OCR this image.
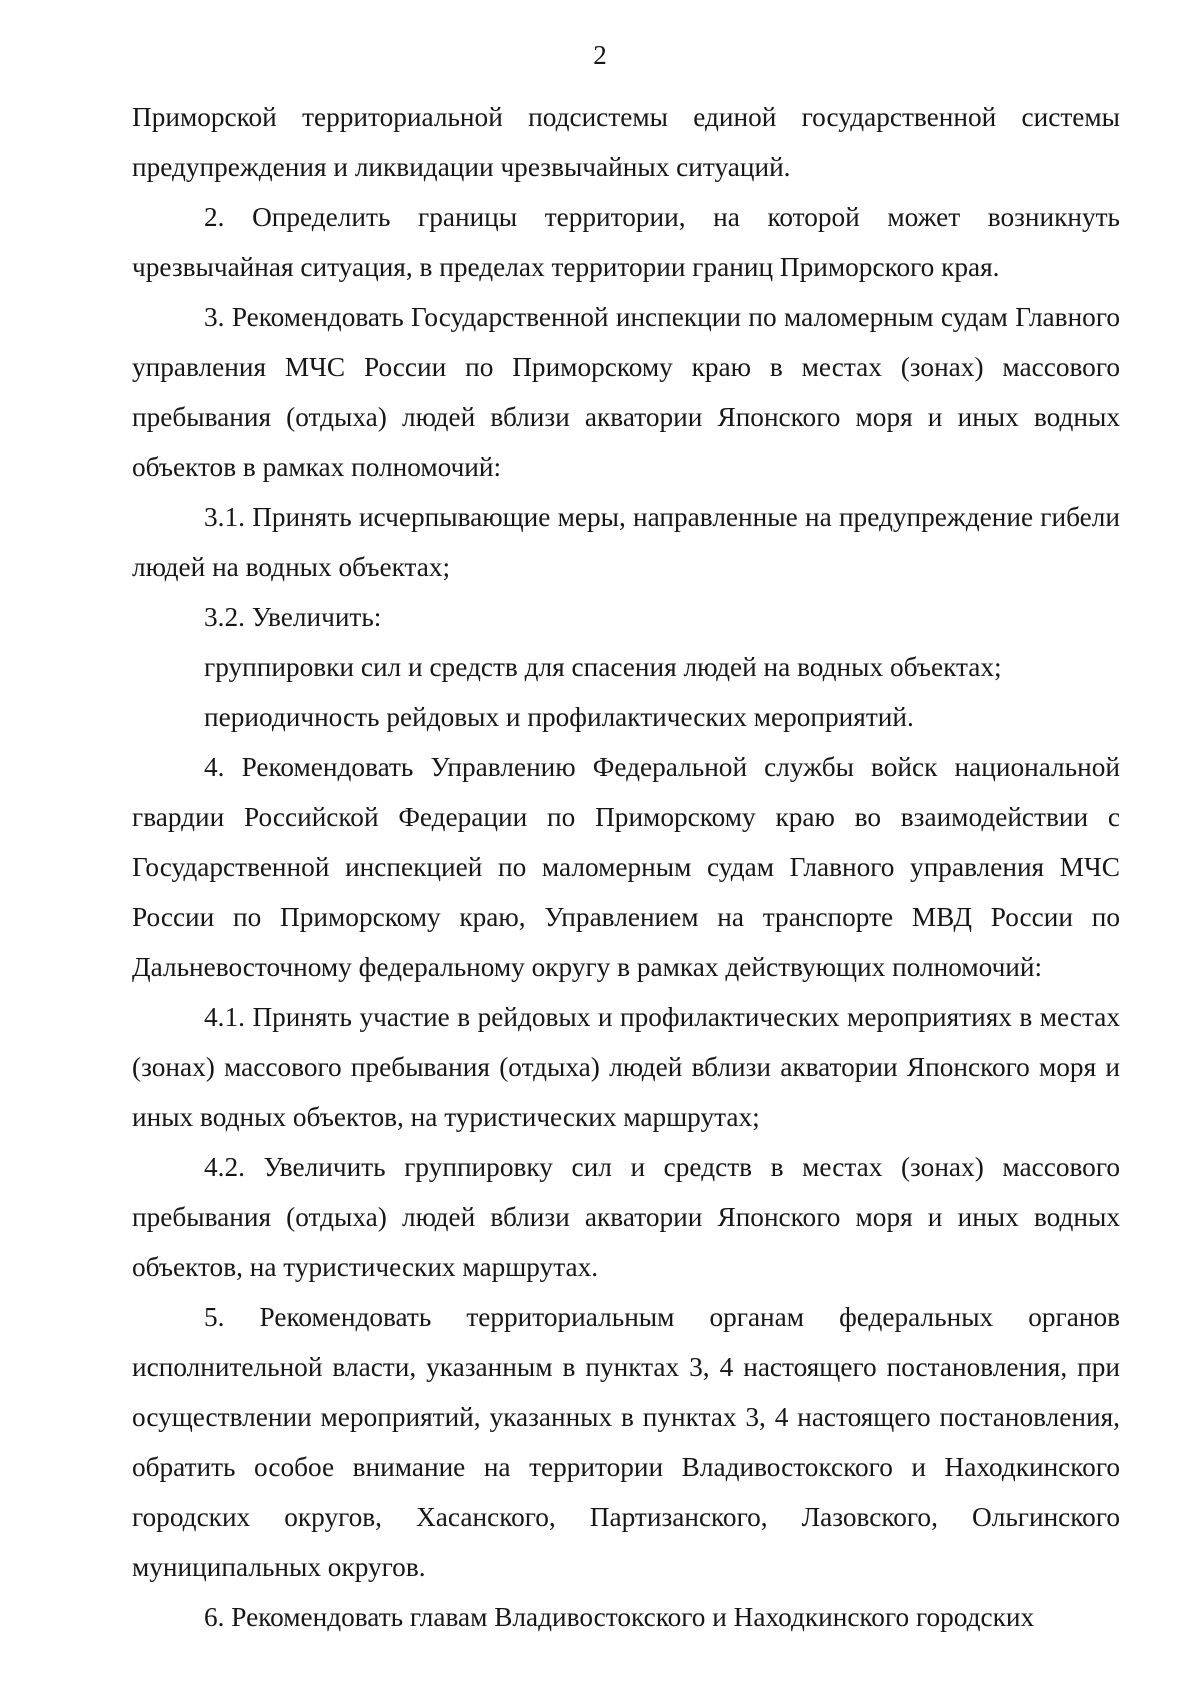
2

Приморской территориальной подсистемы единой государственной системы предупреждения и ликвидации чрезвычайных ситуаций.

2. Определить границы территории, на которой может возникнуть чрезвычайная ситуация, в пределах территории границ Приморского края.

3. Рекомендовать Государственной инспекции по маломерным судам Главного управления МЧС России по Приморскому краю в местах (зонах) массового пребывания (отдыха) людей вблизи акватории Японского моря и иных водных объектов в рамках полномочий:

3.1. Принять исчерпывающие меры, направленные на предупреждение гибели людей на водных объектах;

3.2. Увеличить:

группировки сил и средств для спасения людей на водных объектах;

периодичность рейдовых и профилактических мероприятий.

4. Рекомендовать Управлению Федеральной службы войск национальной гвардии Российской Федерации по Приморскому краю во взаимодействии с Государственной инспекцией по маломерным судам Главного управления МЧС России по Приморскому краю, Управлением на транспорте МВД России по Дальневосточному федеральному округу в рамках действующих полномочий:

4.1. Принять участие в рейдовых и профилактических мероприятиях в местах (зонах) массового пребывания (отдыха) людей вблизи акватории Японского моря и иных водных объектов, на туристических маршрутах;

4.2. Увеличить группировку сил и средств в местах (зонах) массового пребывания (отдыха) людей вблизи акватории Японского моря и иных водных объектов, на туристических маршрутах.

5. Рекомендовать территориальным органам федеральных органов исполнительной власти, указанным в пунктах 3, 4 настоящего постановления, при осуществлении мероприятий, указанных в пунктах 3, 4 настоящего постановления, обратить особое внимание на территории Владивостокского и Находкинского городских округов, Хасанского, Партизанского, Лазовского, Ольгинского муниципальных округов.

6. Рекомендовать главам Владивостокского и Находкинского городских
